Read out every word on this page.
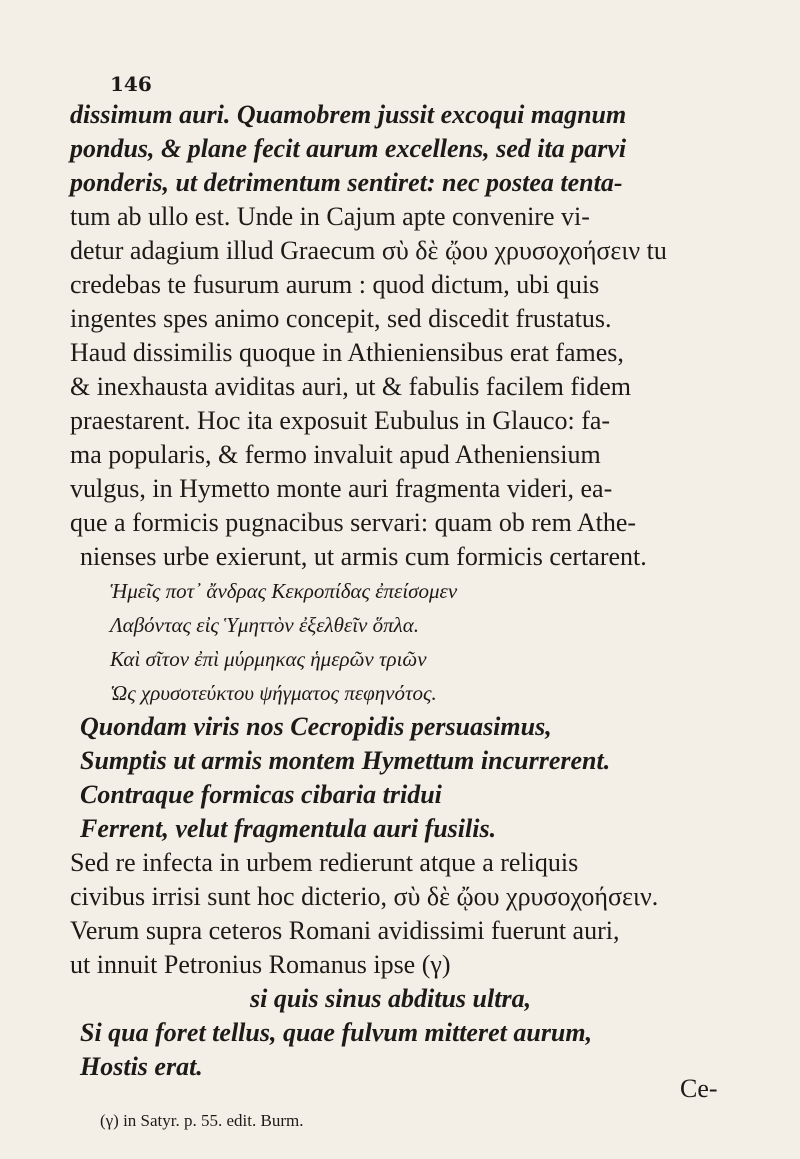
146
dissimum auri. Quamobrem jussit excoqui magnum
pondus, & plane fecit aurum excellens, sed ita parvi
ponderis, ut detrimentum sentiret: nec postea tenta-
tum ab ullo est. Unde in Cajum apte convenire vi-
detur adagium illud Graecum σὺ δὲ ᾤου χρυσοχοήσειν tu
credebas te fusurum aurum : quod dictum, ubi quis
ingentes spes animo concepit, sed discedit frustatus.
Haud dissimilis quoque in Athieniensibus erat fames,
& inexhausta aviditas auri, ut & fabulis facilem fidem
praestarent. Hoc ita exposuit Eubulus in Glauco: fa-
ma popularis, & fermo invaluit apud Atheniensium
vulgus, in Hymetto monte auri fragmenta videri, ea-
que a formicis pugnacibus servari: quam ob rem Athe-
nienses urbe exierunt, ut armis cum formicis certarent.
Ἡμεῖς ποτ᾽ ἄνδρας Κεκροπίδας ἐπείσομεν
Λαβόντας εἰς Ὑμηττὸν ἐξελθεῖν ὅπλα.
Καὶ σῖτον ἐπὶ μύρμηκας ἡμερῶν τριῶν
Ὡς χρυσοτεύκτου ψήγματος πεφηνότος.
Quondam viris nos Cecropidis persuasimus,
Sumptis ut armis montem Hymettum incurrerent.
Contraque formicas cibaria tridui
Ferrent, velut fragmentula auri fusilis.
Sed re infecta in urbem redierunt atque a reliquis
civibus irrisi sunt hoc dicterio, σὺ δὲ ᾤου χρυσοχοήσειν.
Verum supra ceteros Romani avidissimi fuerunt auri,
ut innuit Petronius Romanus ipse (γ)
si quis sinus abditus ultra,
Si qua foret tellus, quae fulvum mitteret aurum,
Hostis erat.
Ce-
(γ) in Satyr. p. 55. edit. Burm.
